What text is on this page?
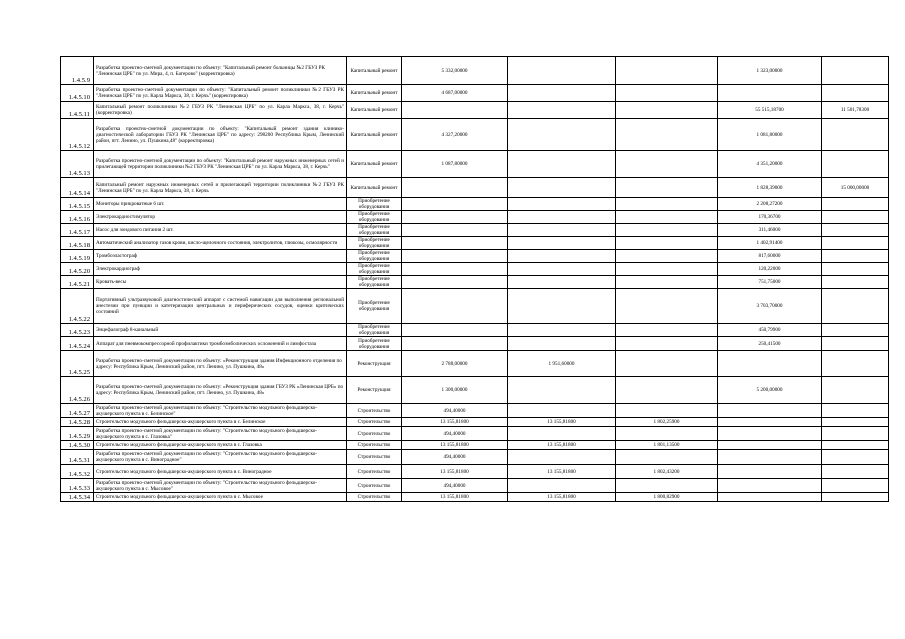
1.4.5.9	Разработка проектно-сметной документации по объекту: "Капитальный ремонт больницы №2 ГБУЗ РК "Ленинская ЦРБ" по ул. Мира, 4, п. Багерово" (корректировка)	Капитальный ремонт	5 332,00000			1 323,00000	
1.4.5.10	Разработка проектно-сметной документации по объекту: "Капитальный ремонт поликлиники №2 ГБУЗ РК "Ленинская ЦРБ" по ул. Карла Маркса, 38, г. Керчь" (корректировка)	Капитальный ремонт	4 687,00000				
1.4.5.11	Капитальный ремонт поликлиники №2 ГБУЗ РК "Ленинская ЦРБ" по ул. Карла Маркса, 38, г. Керчь" (корректировка)	Капитальный ремонт				55 515,18700	11 501,78300
1.4.5.12	Разработка проектно-сметной документации по объекту: "Капитальный ремонт здания клинико-диагностической лаборатории ГБУЗ РК "Ленинская ЦРБ" по адресу: 298200 Республика Крым, Ленинский район, пгт. Ленино, ул. Пушкина,48" (корректировка)	Капитальный ремонт	4 327,20000			1 081,80000	
1.4.5.13	Разработка проектно-сметной документации по объекту: "Капитальный ремонт наружных инженерных сетей и прилегающей территории поликлиники №2 ГБУЗ РК "Ленинская ЦРБ" по ул. Карла Маркса, 38, г. Керчь"	Капитальный ремонт	1 087,80000			4 351,20000	
1.4.5.14	Капитальный ремонт наружных инженерных сетей и прилегающей территории поликлиники №2 ГБУЗ РК "Ленинская ЦРБ" по ул. Карла Маркса, 38, г. Керчь	Капитальный ремонт				1 828,39000	15 000,00000
1.4.5.15	Мониторы прикроватные 6 шт.	Приобретение оборудования				2 208,27200	
1.4.5.16	Электрокардиостимулятор	Приобретение оборудования				170,36700	
1.4.5.17	Насос для зондового питания 2 шт.	Приобретение оборудования				311,46000	
1.4.5.18	Автоматический анализатор газов крови, кисло-щелочного состояния, электролитов, глюкозы, осмолярности	Приобретение оборудования				1 402,91400	
1.4.5.19	Тромбоэластограф	Приобретение оборудования				817,60000	
1.4.5.20	Электрокардиограф	Приобретение оборудования				120,22000	
1.4.5.21	Кровать-весы	Приобретение оборудования				751,75000	
1.4.5.22	Портативный ультразвуковой диагностический аппарат с системой навигации для выполнения региональной анестезии при пункции и катетеризации центральных и периферических сосудов, оценки критических состояний	Приобретение оборудования				3 703,70000	
1.4.5.23	Энцефалограф 8-канальный	Приобретение оборудования				450,79900	
1.4.5.24	Аппарат для пневмокомпрессорной профилактики тромбоэмболических осложнений и лимфостаза	Приобретение оборудования				250,41500	
1.4.5.25	Разработка проектно-сметной документации по объекту: «Реконструкция здания Инфекционного отделения по адресу: Республика Крым, Ленинский район, пгт. Ленино, ул. Пушкина, 48»	Реконструкция	2 788,00000	1 951,60000			
1.4.5.26	Разработка проектно-сметной документации по объекту: «Реконструкция здания ГБУЗ РК «Ленинская ЦРБ» по адресу: Республика Крым, Ленинский район, пгт. Ленино, ул. Пушкина, 48»	Реконструкция	1 300,00000			5 200,00000	
1.4.5.27	Разработка проектно-сметной документации по объекту: "Строительство модульного фельдшерско-акушерского пункта в с. Белинское"	Строительство	494,40000				
1.4.5.28	Строительство модульного фельдшерско-акушерского пункта в с. Белинское	Строительство	13 155,81800	13 155,81800	1 802,25900		
1.4.5.29	Разработка проектно-сметной документации по объекту: "Строительство модульного фельдшерско-акушерского пункта в с. Глазовка"	Строительство	494,40000				
1.4.5.30	Строительство модульного фельдшерско-акушерского пункта в с. Глазовка	Строительство	13 155,81800	13 155,81800	1 801,13500		
1.4.5.31	Разработка проектно-сметной документации по объекту: "Строительство модульного фельдшерско-акушерского пункта в с. Виноградное"	Строительство	494,40000				
1.4.5.32	Строительство модульного фельдшерско-акушерского пункта в с. Виноградное	Строительство	13 155,81800	13 155,81800	1 802,43200		
1.4.5.33	Разработка проектно-сметной документации по объекту: "Строительство модульного фельдшерско-акушерского пункта в с. Мысовое"	Строительство	494,40000				
1.4.5.34	Строительство модульного фельдшерско-акушерского пункта в с. Мысовое	Строительство	13 155,81800	13 155,81800	1 800,82900		
